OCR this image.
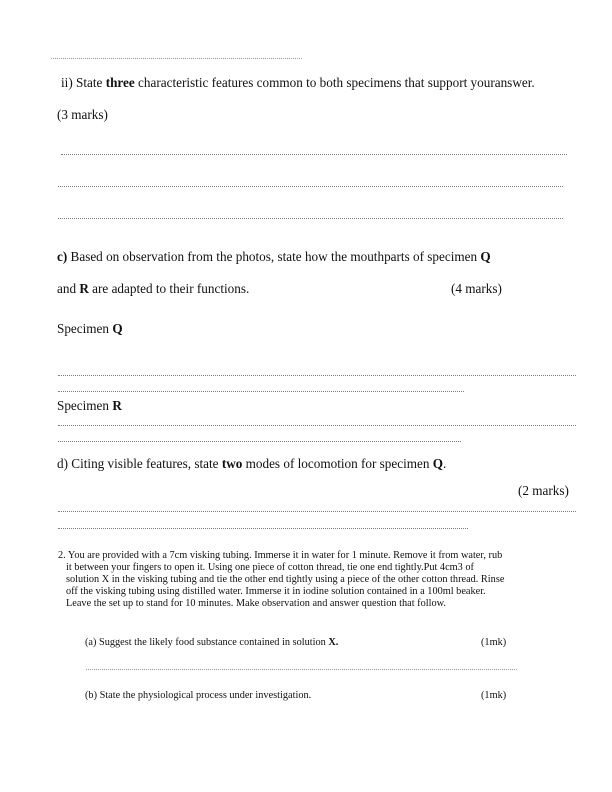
ii) State three characteristic features common to both specimens that support youranswer.
(3 marks)
c) Based on observation from the photos, state how the mouthparts of specimen Q
and R are adapted to their functions.	(4 marks)
Specimen Q
Specimen R
d) Citing visible features, state two modes of locomotion for specimen Q.
(2 marks)
2. You are provided with a 7cm visking tubing. Immerse it in water for 1 minute. Remove it from water, rub
it between your fingers to open it. Using one piece of cotton thread, tie one end tightly.Put 4cm3 of
solution X in the visking tubing and tie the other end tightly using a piece of the other cotton thread. Rinse
off the visking tubing using distilled water. Immerse it in iodine solution contained in a 100ml beaker.
Leave the set up to stand for 10 minutes. Make observation and answer question that follow.
(a) Suggest the likely food substance contained in solution X.	(1mk)
(b) State the physiological process under investigation.	(1mk)
